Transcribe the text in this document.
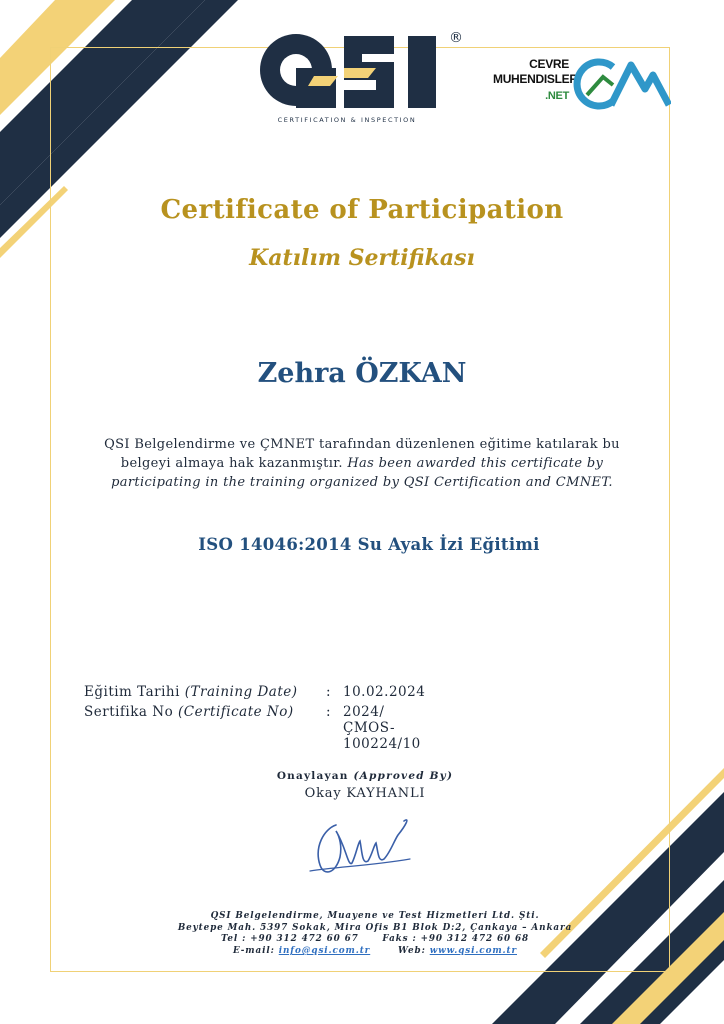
CERTIFICATION & INSPECTION
®
CEVRE
MUHENDISLERI
.NET
Certificate of Participation
Katılım Sertifikası
Zehra ÖZKAN
QSI Belgelendirme ve ÇMNET tarafından düzenlenen eğitime katılarak bu belgeyi almaya hak kazanmıştır. Has been awarded this certificate by participating in the training organized by QSI Certification and CMNET.
ISO 14046:2014 Su Ayak İzi Eğitimi
Eğitim Tarihi (Training Date) : 10.02.2024
Sertifika No (Certificate No) : 2024/ÇMOS-100224/10
Onaylayan (Approved By)
Okay KAYHANLI
QSI Belgelendirme, Muayene ve Test Hizmetleri Ltd. Şti.
Beytepe Mah. 5397 Sokak, Mira Ofis B1 Blok D:2, Çankaya – Ankara
Tel : +90 312 472 60 67	Faks : +90 312 472 60 68
E-mail: info@qsi.com.tr	Web: www.qsi.com.tr
